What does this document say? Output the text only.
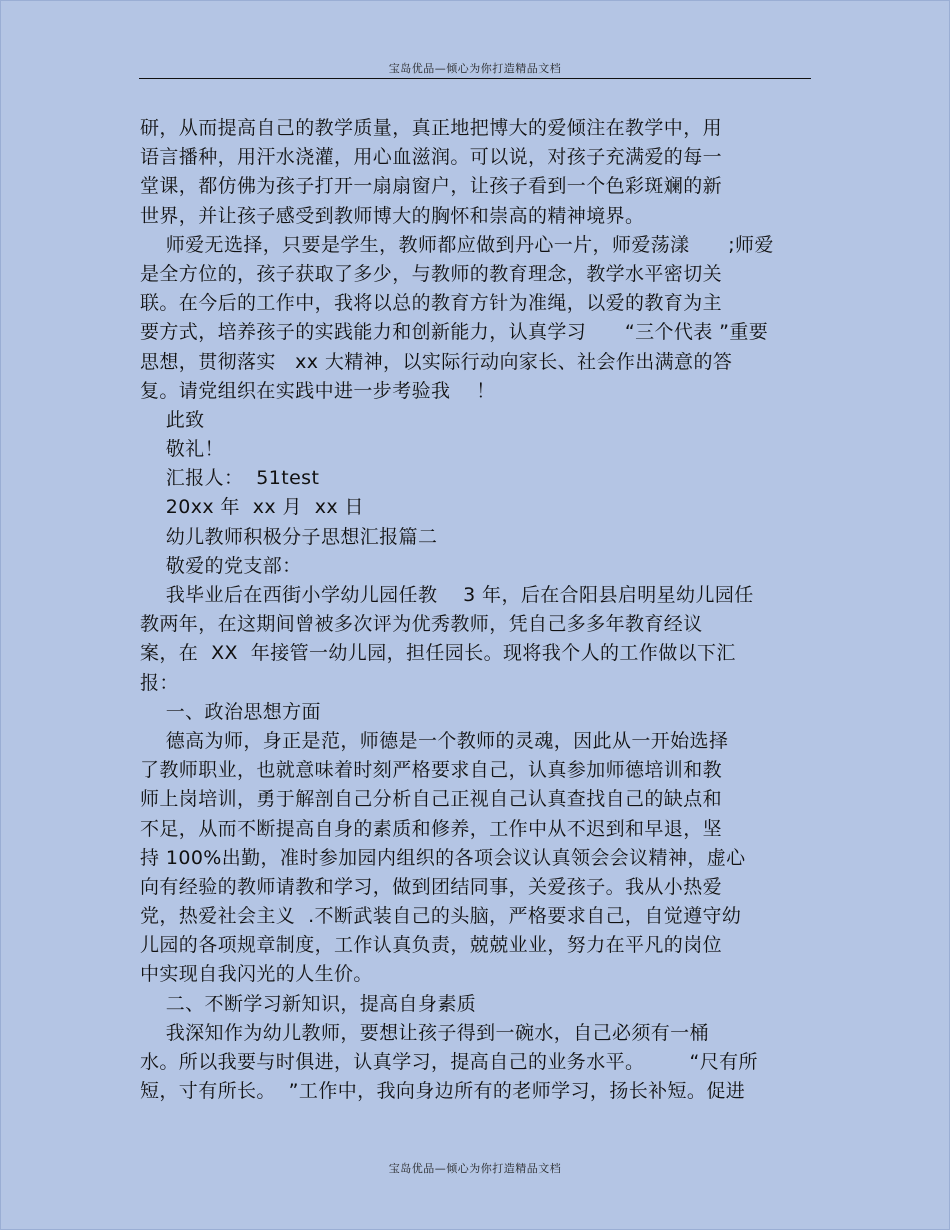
宝岛优品—倾心为你打造精品文档
研，从而提高自己的教学质量，真正地把博大的爱倾注在教学中，用
语言播种，用汗水浇灌，用心血滋润。可以说，对孩子充满爱的每一
堂课，都仿佛为孩子打开一扇扇窗户，让孩子看到一个色彩斑斓的新
世界，并让孩子感受到教师博大的胸怀和崇高的精神境界。
师爱无选择，只要是学生，教师都应做到丹心一片，师爱荡漾      ;师爱
是全方位的，孩子获取了多少，与教师的教育理念，教学水平密切关
联。在今后的工作中，我将以总的教育方针为准绳，以爱的教育为主
要方式，培养孩子的实践能力和创新能力，认真学习      “三个代表 ”重要
思想，贯彻落实   xx 大精神，以实际行动向家长、社会作出满意的答
复。请党组织在实践中进一步考验我    ！
此致
敬礼！
汇报人：  51test
20xx 年  xx 月  xx 日
幼儿教师积极分子思想汇报篇二
敬爱的党支部：
我毕业后在西街小学幼儿园任教    3 年，后在合阳县启明星幼儿园任
教两年，在这期间曾被多次评为优秀教师，凭自己多多年教育经议
案，在  XX  年接管一幼儿园，担任园长。现将我个人的工作做以下汇
报：
一、政治思想方面
德高为师，身正是范，师德是一个教师的灵魂，因此从一开始选择
了教师职业，也就意味着时刻严格要求自己，认真参加师德培训和教
师上岗培训，勇于解剖自己分析自己正视自己认真查找自己的缺点和
不足，从而不断提高自身的素质和修养，工作中从不迟到和早退，坚
持 100%出勤，准时参加园内组织的各项会议认真领会会议精神，虚心
向有经验的教师请教和学习，做到团结同事，关爱孩子。我从小热爱
党，热爱社会主义  .不断武装自己的头脑，严格要求自己，自觉遵守幼
儿园的各项规章制度，工作认真负责，兢兢业业，努力在平凡的岗位
中实现自我闪光的人生价。
二、不断学习新知识，提高自身素质
我深知作为幼儿教师，要想让孩子得到一碗水，自己必须有一桶
水。所以我要与时俱进，认真学习，提高自己的业务水平。       “尺有所
短，寸有所长。  ”工作中，我向身边所有的老师学习，扬长补短。促进
宝岛优品—倾心为你打造精品文档
